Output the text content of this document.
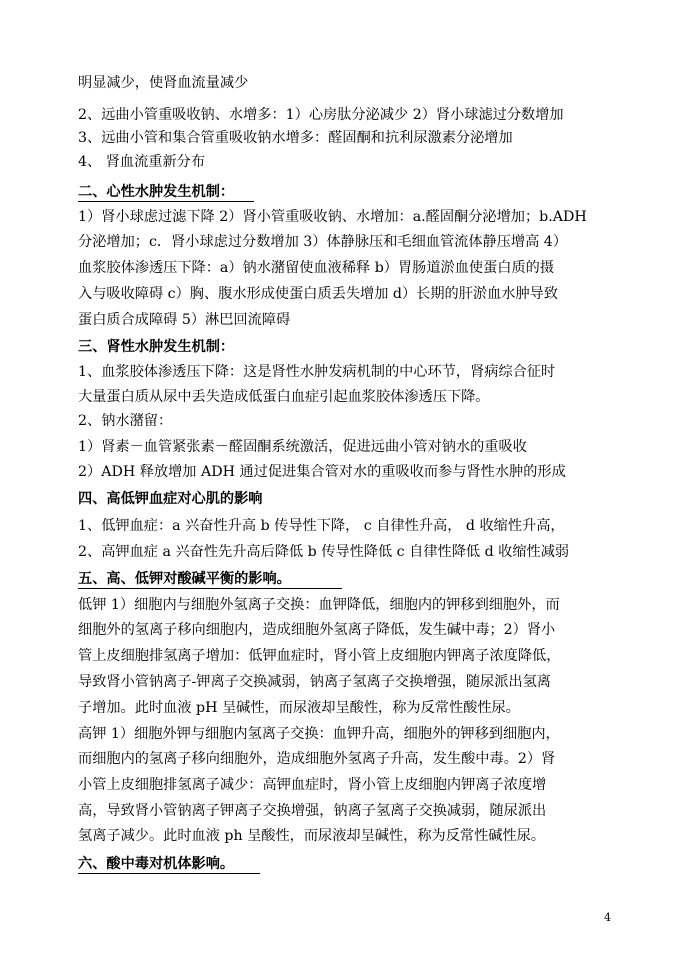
明显减少，使肾血流量减少
2、远曲小管重吸收钠、水增多：1）心房肽分泌减少 2）肾小球滤过分数增加
3、远曲小管和集合管重吸收钠水增多：醛固酮和抗利尿激素分泌增加
4、 肾血流重新分布
二、心性水肿发生机制：
1）肾小球虑过滤下降 2）肾小管重吸收钠、水增加：a.醛固酮分泌增加；b.ADH
分泌增加；c．肾小球虑过分数增加 3）体静脉压和毛细血管流体静压增高 4）
血浆胶体渗透压下降：a）钠水潴留使血液稀释 b）胃肠道淤血使蛋白质的摄
入与吸收障碍 c）胸、腹水形成使蛋白质丢失增加 d）长期的肝淤血水肿导致
蛋白质合成障碍 5）淋巴回流障碍
三、肾性水肿发生机制：
1、血浆胶体渗透压下降：这是肾性水肿发病机制的中心环节，肾病综合征时
大量蛋白质从尿中丢失造成低蛋白血症引起血浆胶体渗透压下降。
2、钠水潴留：
1）肾素－血管紧张素－醛固酮系统激活，促进远曲小管对钠水的重吸收
2）ADH 释放增加 ADH 通过促进集合管对水的重吸收而参与肾性水肿的形成
四、高低钾血症对心肌的影响
1、低钾血症：a 兴奋性升高 b 传导性下降， c 自律性升高， d 收缩性升高，
2、高钾血症 a 兴奋性先升高后降低 b 传导性降低 c 自律性降低 d 收缩性减弱
五、高、低钾对酸碱平衡的影响。
低钾 1）细胞内与细胞外氢离子交换：血钾降低，细胞内的钾移到细胞外，而
细胞外的氢离子移向细胞内，造成细胞外氢离子降低，发生碱中毒；2）肾小
管上皮细胞排氢离子增加：低钾血症时，肾小管上皮细胞内钾离子浓度降低，
导致肾小管钠离子-钾离子交换减弱，钠离子氢离子交换增强，随尿派出氢离
子增加。此时血液 pH 呈碱性，而尿液却呈酸性，称为反常性酸性尿。
高钾 1）细胞外钾与细胞内氢离子交换：血钾升高，细胞外的钾移到细胞内，
而细胞内的氢离子移向细胞外，造成细胞外氢离子升高，发生酸中毒。2）肾
小管上皮细胞排氢离子减少：高钾血症时，肾小管上皮细胞内钾离子浓度增
高，导致肾小管钠离子钾离子交换增强，钠离子氢离子交换减弱，随尿派出
氢离子减少。此时血液 ph 呈酸性，而尿液却呈碱性，称为反常性碱性尿。
六、酸中毒对机体影响。
4
